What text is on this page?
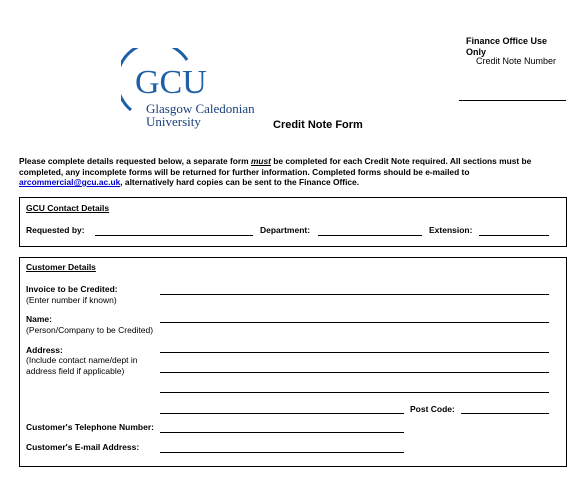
GCU
Glasgow Caledonian
University
Finance Office Use
Only
Credit Note Number
Credit Note Form
Please complete details requested below, a separate form must be completed for each Credit Note required. All sections must be completed, any incomplete forms will be returned for further information. Completed forms should be e-mailed to arcommercial@gcu.ac.uk, alternatively hard copies can be sent to the Finance Office.
GCU Contact Details
Requested by:	Department:	Extension:
Customer Details
Invoice to be Credited:
(Enter number if known)
Name:
(Person/Company to be Credited)
Address:
(Include contact name/dept in
address field if applicable)
Post Code:
Customer's Telephone Number:
Customer's E-mail Address:
